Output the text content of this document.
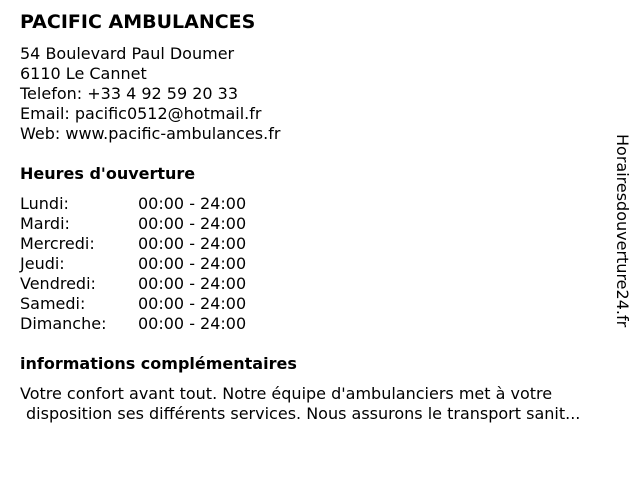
PACIFIC AMBULANCES
54 Boulevard Paul Doumer
6110 Le Cannet
Telefon: +33 4 92 59 20 33
Email: pacific0512@hotmail.fr
Web: www.pacific-ambulances.fr
Heures d'ouverture
Lundi:	00:00 - 24:00
Mardi:	00:00 - 24:00
Mercredi:	00:00 - 24:00
Jeudi:	00:00 - 24:00
Vendredi:	00:00 - 24:00
Samedi:	00:00 - 24:00
Dimanche: 00:00 - 24:00
informations complémentaires
Votre confort avant tout. Notre équipe d'ambulanciers met à votre
disposition ses différents services. Nous assurons le transport sanit...
Horairesdouverture24.fr
